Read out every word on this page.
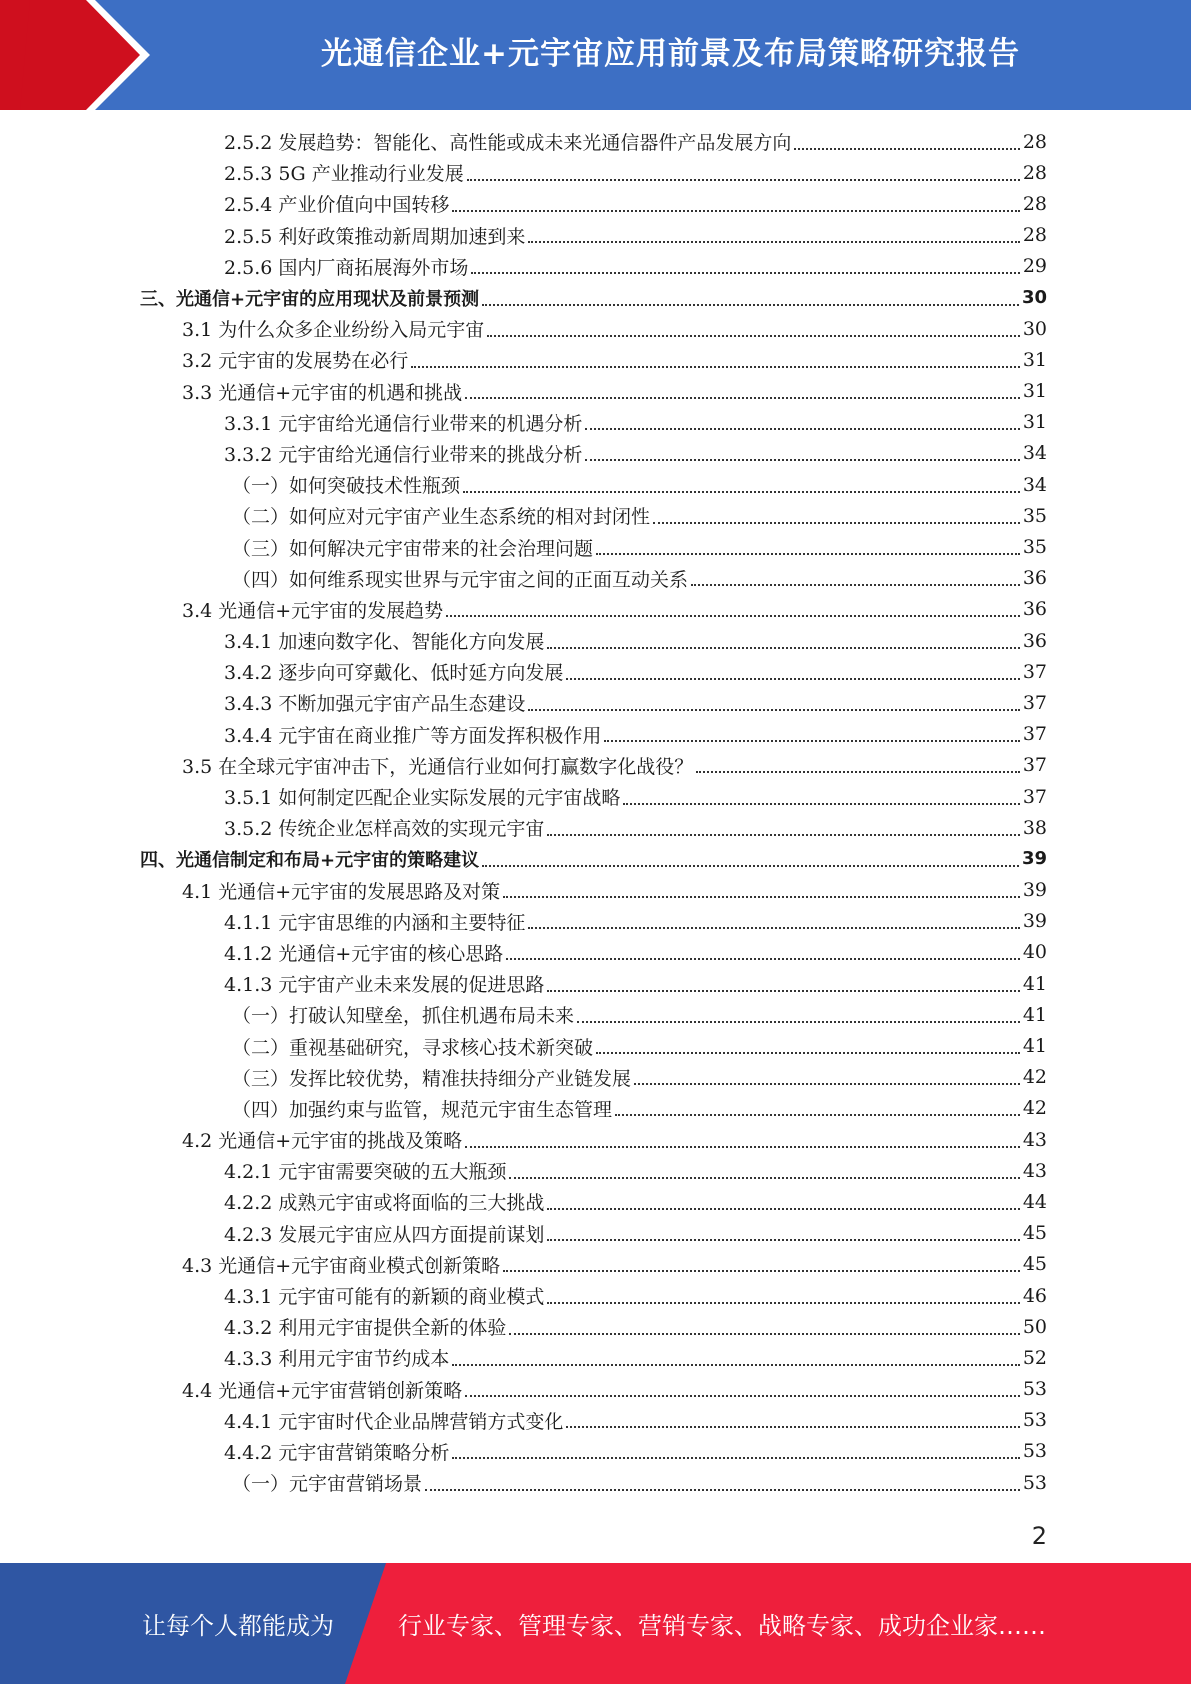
光通信企业+元宇宙应用前景及布局策略研究报告
2.5.2 发展趋势：智能化、高性能或成未来光通信器件产品发展方向	28
2.5.3 5G 产业推动行业发展	28
2.5.4 产业价值向中国转移	28
2.5.5 利好政策推动新周期加速到来	28
2.5.6 国内厂商拓展海外市场	29
三、光通信+元宇宙的应用现状及前景预测	30
3.1 为什么众多企业纷纷入局元宇宙	30
3.2 元宇宙的发展势在必行	31
3.3 光通信+元宇宙的机遇和挑战	31
3.3.1 元宇宙给光通信行业带来的机遇分析	31
3.3.2 元宇宙给光通信行业带来的挑战分析	34
（一）如何突破技术性瓶颈	34
（二）如何应对元宇宙产业生态系统的相对封闭性	35
（三）如何解决元宇宙带来的社会治理问题	35
（四）如何维系现实世界与元宇宙之间的正面互动关系	36
3.4 光通信+元宇宙的发展趋势	36
3.4.1 加速向数字化、智能化方向发展	36
3.4.2 逐步向可穿戴化、低时延方向发展	37
3.4.3 不断加强元宇宙产品生态建设	37
3.4.4 元宇宙在商业推广等方面发挥积极作用	37
3.5 在全球元宇宙冲击下，光通信行业如何打赢数字化战役？	37
3.5.1 如何制定匹配企业实际发展的元宇宙战略	37
3.5.2 传统企业怎样高效的实现元宇宙	38
四、光通信制定和布局+元宇宙的策略建议	39
4.1 光通信+元宇宙的发展思路及对策	39
4.1.1 元宇宙思维的内涵和主要特征	39
4.1.2 光通信+元宇宙的核心思路	40
4.1.3 元宇宙产业未来发展的促进思路	41
（一）打破认知壁垒，抓住机遇布局未来	41
（二）重视基础研究，寻求核心技术新突破	41
（三）发挥比较优势，精准扶持细分产业链发展	42
（四）加强约束与监管，规范元宇宙生态管理	42
4.2 光通信+元宇宙的挑战及策略	43
4.2.1 元宇宙需要突破的五大瓶颈	43
4.2.2 成熟元宇宙或将面临的三大挑战	44
4.2.3 发展元宇宙应从四方面提前谋划	45
4.3 光通信+元宇宙商业模式创新策略	45
4.3.1 元宇宙可能有的新颖的商业模式	46
4.3.2 利用元宇宙提供全新的体验	50
4.3.3 利用元宇宙节约成本	52
4.4 光通信+元宇宙营销创新策略	53
4.4.1 元宇宙时代企业品牌营销方式变化	53
4.4.2 元宇宙营销策略分析	53
（一）元宇宙营销场景	53
2
让每个人都能成为	行业专家、管理专家、营销专家、战略专家、成功企业家……
